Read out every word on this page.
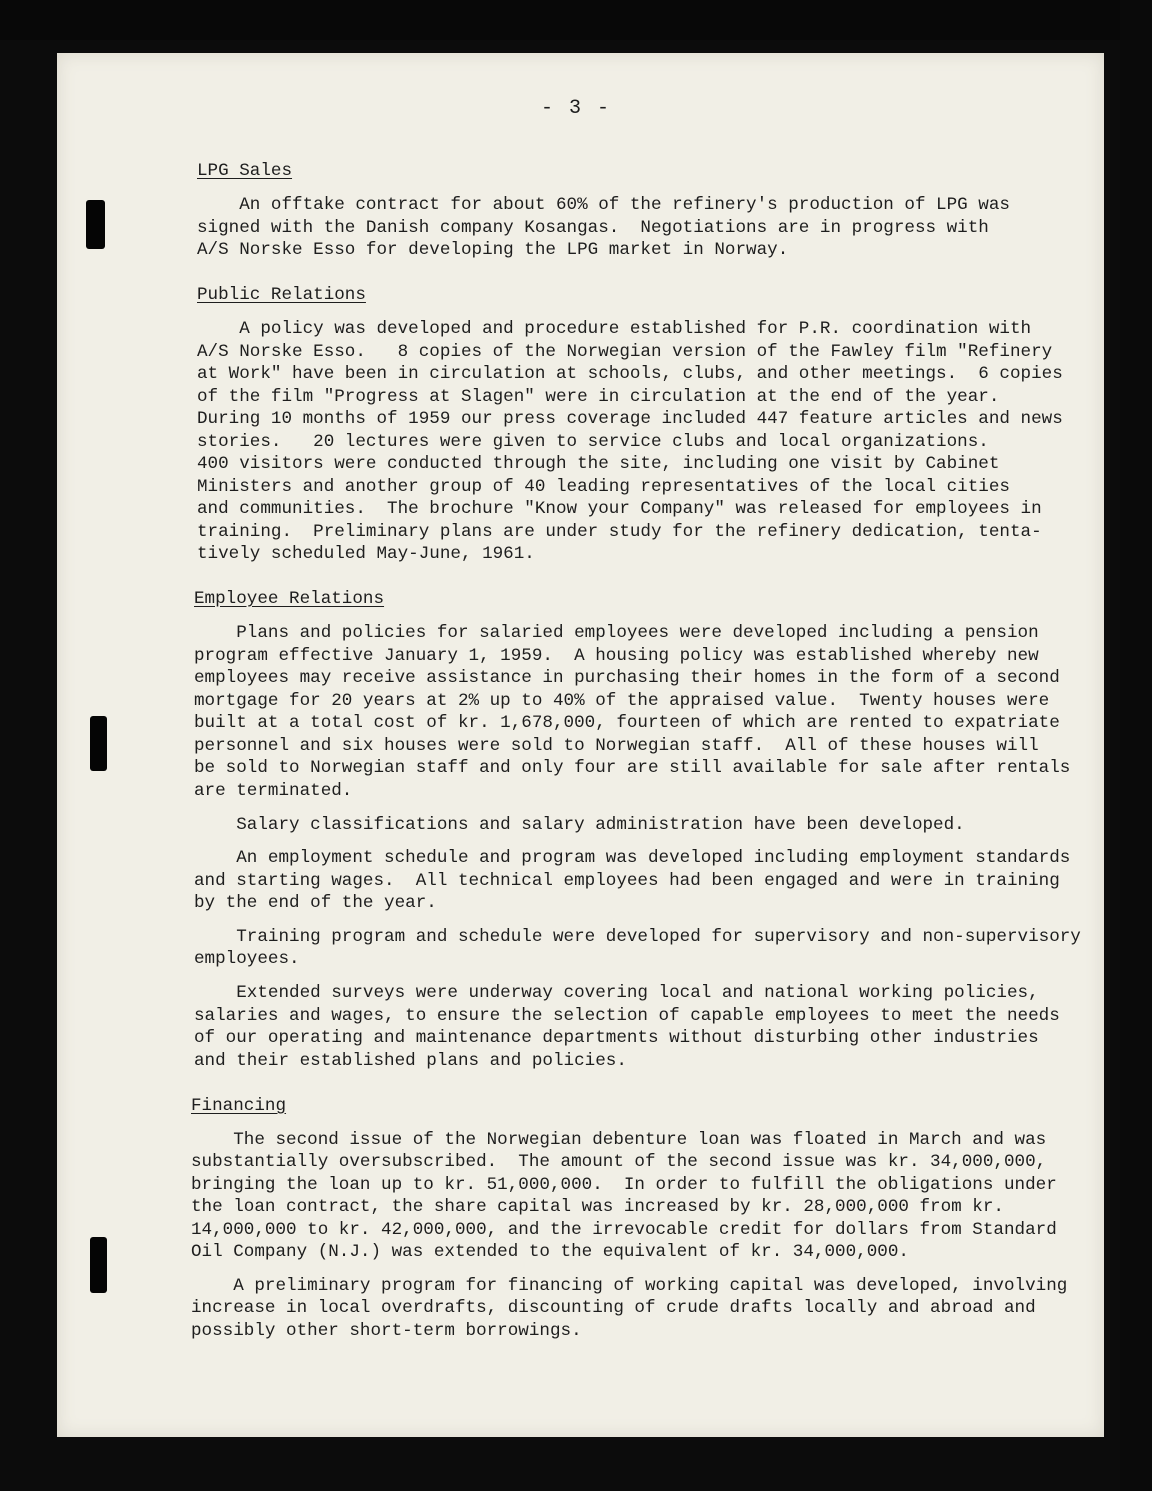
- 3 -
LPG Sales
An offtake contract for about 60% of the refinery's production of LPG was
signed with the Danish company Kosangas.  Negotiations are in progress with
A/S Norske Esso for developing the LPG market in Norway.
Public Relations
A policy was developed and procedure established for P.R. coordination with
A/S Norske Esso.   8 copies of the Norwegian version of the Fawley film "Refinery
at Work" have been in circulation at schools, clubs, and other meetings.  6 copies
of the film "Progress at Slagen" were in circulation at the end of the year.
During 10 months of 1959 our press coverage included 447 feature articles and news
stories.   20 lectures were given to service clubs and local organizations.
400 visitors were conducted through the site, including one visit by Cabinet
Ministers and another group of 40 leading representatives of the local cities
and communities.  The brochure "Know your Company" was released for employees in
training.  Preliminary plans are under study for the refinery dedication, tenta-
tively scheduled May-June, 1961.
Employee Relations
Plans and policies for salaried employees were developed including a pension
program effective January 1, 1959.  A housing policy was established whereby new
employees may receive assistance in purchasing their homes in the form of a second
mortgage for 20 years at 2% up to 40% of the appraised value.  Twenty houses were
built at a total cost of kr. 1,678,000, fourteen of which are rented to expatriate
personnel and six houses were sold to Norwegian staff.  All of these houses will
be sold to Norwegian staff and only four are still available for sale after rentals
are terminated.
Salary classifications and salary administration have been developed.
An employment schedule and program was developed including employment standards
and starting wages.  All technical employees had been engaged and were in training
by the end of the year.
Training program and schedule were developed for supervisory and non-supervisory
employees.
Extended surveys were underway covering local and national working policies,
salaries and wages, to ensure the selection of capable employees to meet the needs
of our operating and maintenance departments without disturbing other industries
and their established plans and policies.
Financing
The second issue of the Norwegian debenture loan was floated in March and was
substantially oversubscribed.  The amount of the second issue was kr. 34,000,000,
bringing the loan up to kr. 51,000,000.  In order to fulfill the obligations under
the loan contract, the share capital was increased by kr. 28,000,000 from kr.
14,000,000 to kr. 42,000,000, and the irrevocable credit for dollars from Standard
Oil Company (N.J.) was extended to the equivalent of kr. 34,000,000.
A preliminary program for financing of working capital was developed, involving
increase in local overdrafts, discounting of crude drafts locally and abroad and
possibly other short-term borrowings.
